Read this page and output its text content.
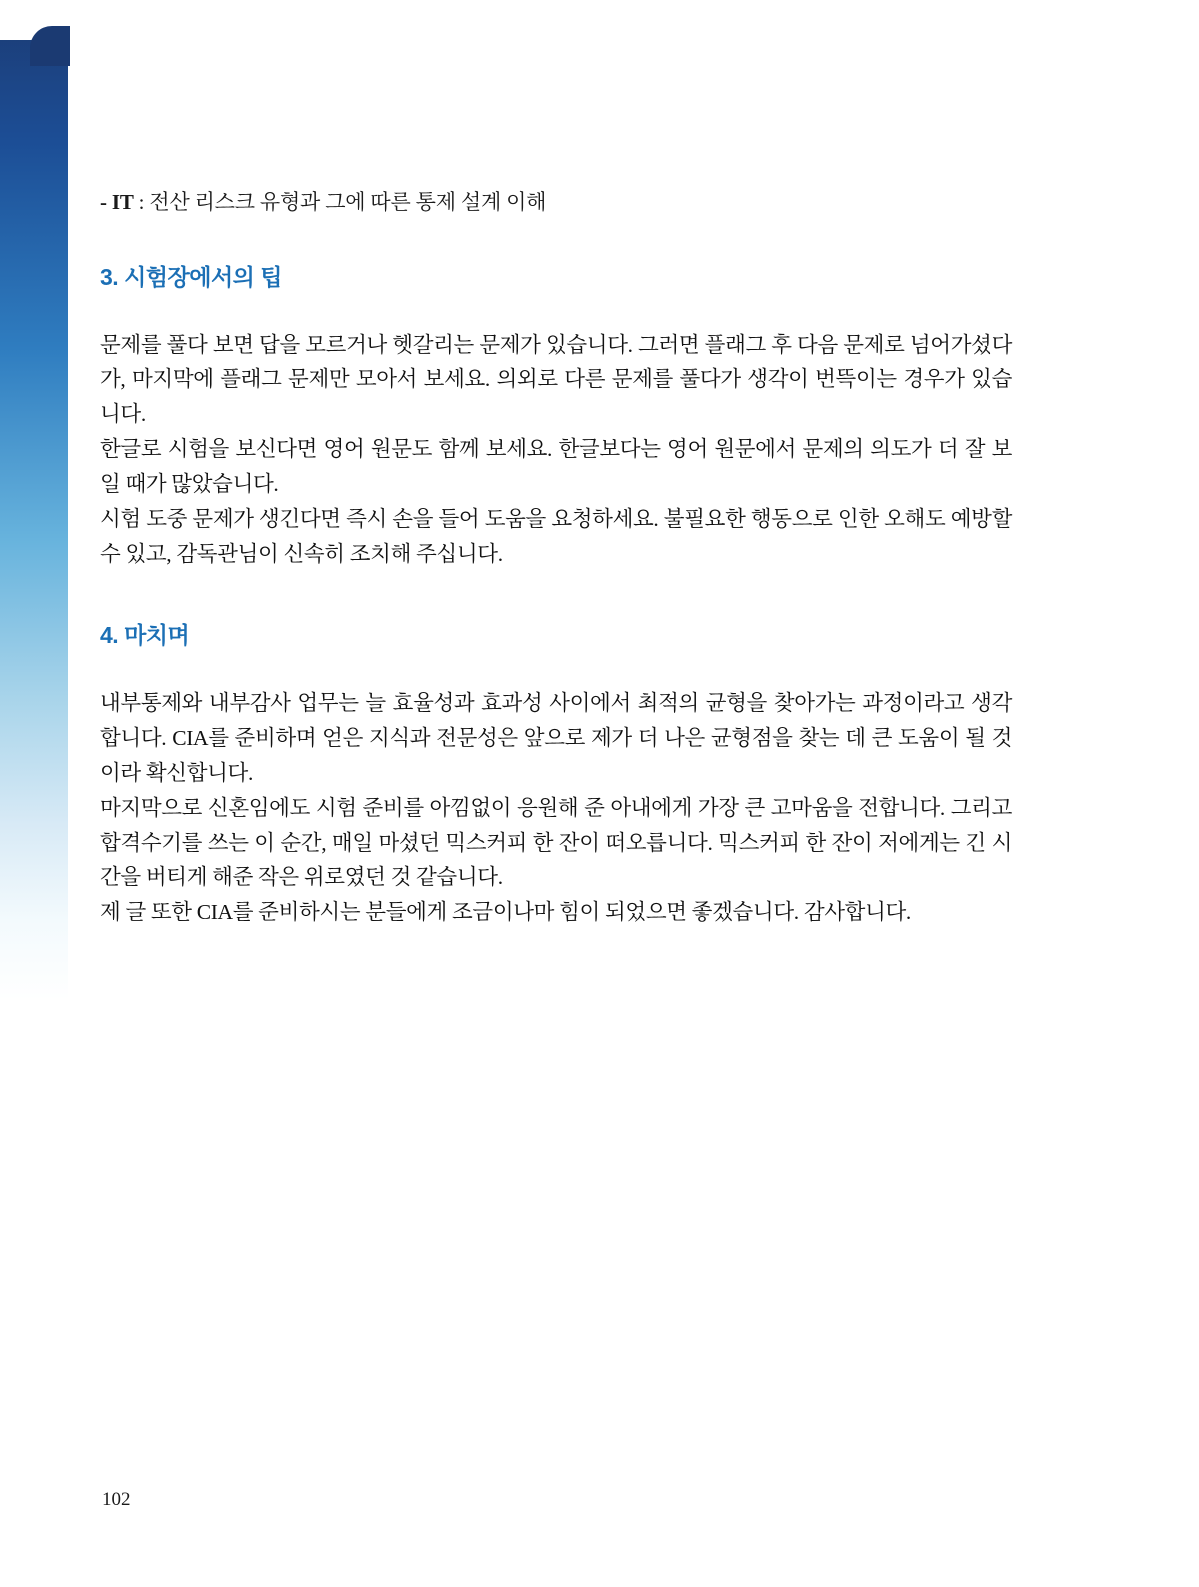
- IT : 전산 리스크 유형과 그에 따른 통제 설계 이해

3. 시험장에서의 팁

문제를 풀다 보면 답을 모르거나 헷갈리는 문제가 있습니다. 그러면 플래그 후 다음 문제로 넘어가셨다가, 마지막에 플래그 문제만 모아서 보세요. 의외로 다른 문제를 풀다가 생각이 번뜩이는 경우가 있습니다.

한글로 시험을 보신다면 영어 원문도 함께 보세요. 한글보다는 영어 원문에서 문제의 의도가 더 잘 보일 때가 많았습니다.

시험 도중 문제가 생긴다면 즉시 손을 들어 도움을 요청하세요. 불필요한 행동으로 인한 오해도 예방할 수 있고, 감독관님이 신속히 조치해 주십니다.

4. 마치며

내부통제와 내부감사 업무는 늘 효율성과 효과성 사이에서 최적의 균형을 찾아가는 과정이라고 생각합니다. CIA를 준비하며 얻은 지식과 전문성은 앞으로 제가 더 나은 균형점을 찾는 데 큰 도움이 될 것이라 확신합니다.

마지막으로 신혼임에도 시험 준비를 아낌없이 응원해 준 아내에게 가장 큰 고마움을 전합니다. 그리고 합격수기를 쓰는 이 순간, 매일 마셨던 믹스커피 한 잔이 떠오릅니다. 믹스커피 한 잔이 저에게는 긴 시간을 버티게 해준 작은 위로였던 것 같습니다.

제 글 또한 CIA를 준비하시는 분들에게 조금이나마 힘이 되었으면 좋겠습니다. 감사합니다.

102
